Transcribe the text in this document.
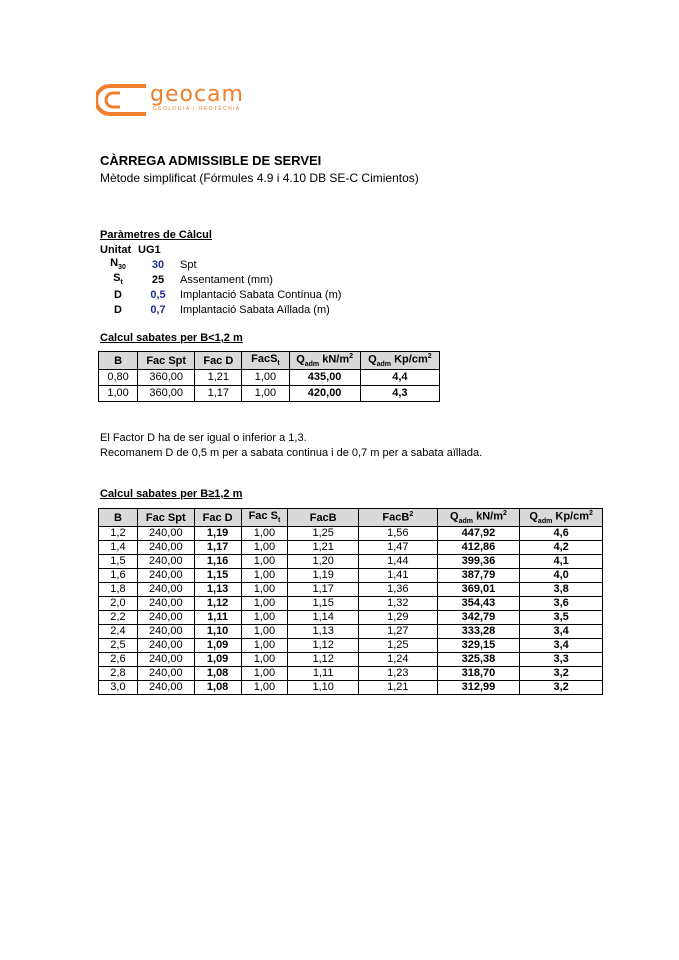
geocam
GEOLOGIA | GEOTÈCNIA
CÀRREGA ADMISSIBLE DE SERVEI
Mètode simplificat (Fórmules 4.9 i 4.10 DB SE-C Cimientos)
Paràmetres de Càlcul
Unitat	UG1	
$N_{30}$	30	Spt
$S_t$	25	Assentament (mm)
D	0,5	Implantació Sabata Contínua (m)
D	0,7	Implantació Sabata Aïllada (m)
Calcul sabates per B<1,2 m
B	Fac Spt	Fac D	FacS$_t$	$Q_{adm}$ $kN/m^2$	$Q_{adm}$ $Kp/cm^2$
0,80	360,00	1,21	1,00	435,00	4,4
1,00	360,00	1,17	1,00	420,00	4,3
El Factor D ha de ser igual o inferior a 1,3.
Recomanem D de 0,5 m per a sabata continua i de 0,7 m per a sabata aïllada.
Calcul sabates per B≥1,2 m
B	Fac Spt	Fac D	Fac $S_t$	FacB	FacB$^2$	$Q_{adm}$ $kN/m^2$	$Q_{adm}$ $Kp/cm^2$
1,2	240,00	1,19	1,00	1,25	1,56	447,92	4,6
1,4	240,00	1,17	1,00	1,21	1,47	412,86	4,2
1,5	240,00	1,16	1,00	1,20	1,44	399,36	4,1
1,6	240,00	1,15	1,00	1,19	1,41	387,79	4,0
1,8	240,00	1,13	1,00	1,17	1,36	369,01	3,8
2,0	240,00	1,12	1,00	1,15	1,32	354,43	3,6
2,2	240,00	1,11	1,00	1,14	1,29	342,79	3,5
2,4	240,00	1,10	1,00	1,13	1,27	333,28	3,4
2,5	240,00	1,09	1,00	1,12	1,25	329,15	3,4
2,6	240,00	1,09	1,00	1,12	1,24	325,38	3,3
2,8	240,00	1,08	1,00	1,11	1,23	318,70	3,2
3,0	240,00	1,08	1,00	1,10	1,21	312,99	3,2
